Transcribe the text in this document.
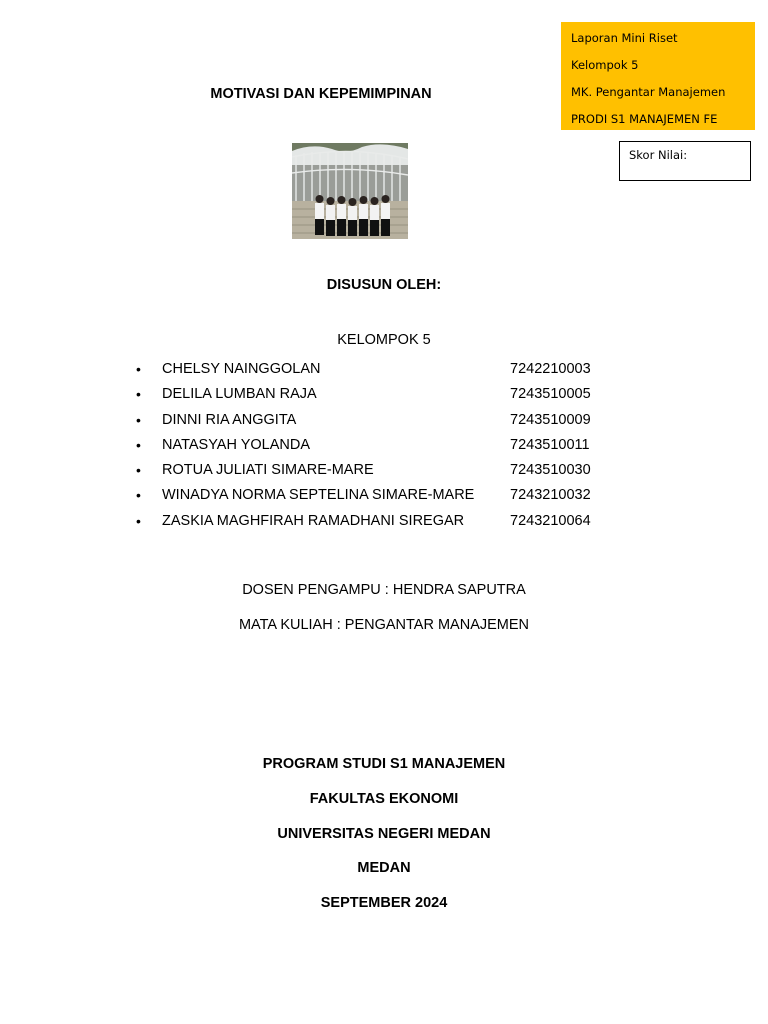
Laporan Mini Riset
Kelompok 5
MK. Pengantar Manajemen
PRODI S1 MANAJEMEN FE
Skor Nilai:
MOTIVASI DAN KEPEMIMPINAN
DISUSUN OLEH:
KELOMPOK 5
• CHELSY NAINGGOLAN	7242210003
• DELILA LUMBAN RAJA	7243510005
• DINNI RIA ANGGITA	7243510009
• NATASYAH YOLANDA	7243510011
• ROTUA JULIATI SIMARE-MARE	7243510030
• WINADYA NORMA SEPTELINA SIMARE-MARE 7243210032
• ZASKIA MAGHFIRAH RAMADHANI SIREGAR	7243210064
DOSEN PENGAMPU : HENDRA SAPUTRA
MATA KULIAH : PENGANTAR MANAJEMEN
PROGRAM STUDI S1 MANAJEMEN
FAKULTAS EKONOMI
UNIVERSITAS NEGERI MEDAN
MEDAN
SEPTEMBER 2024
